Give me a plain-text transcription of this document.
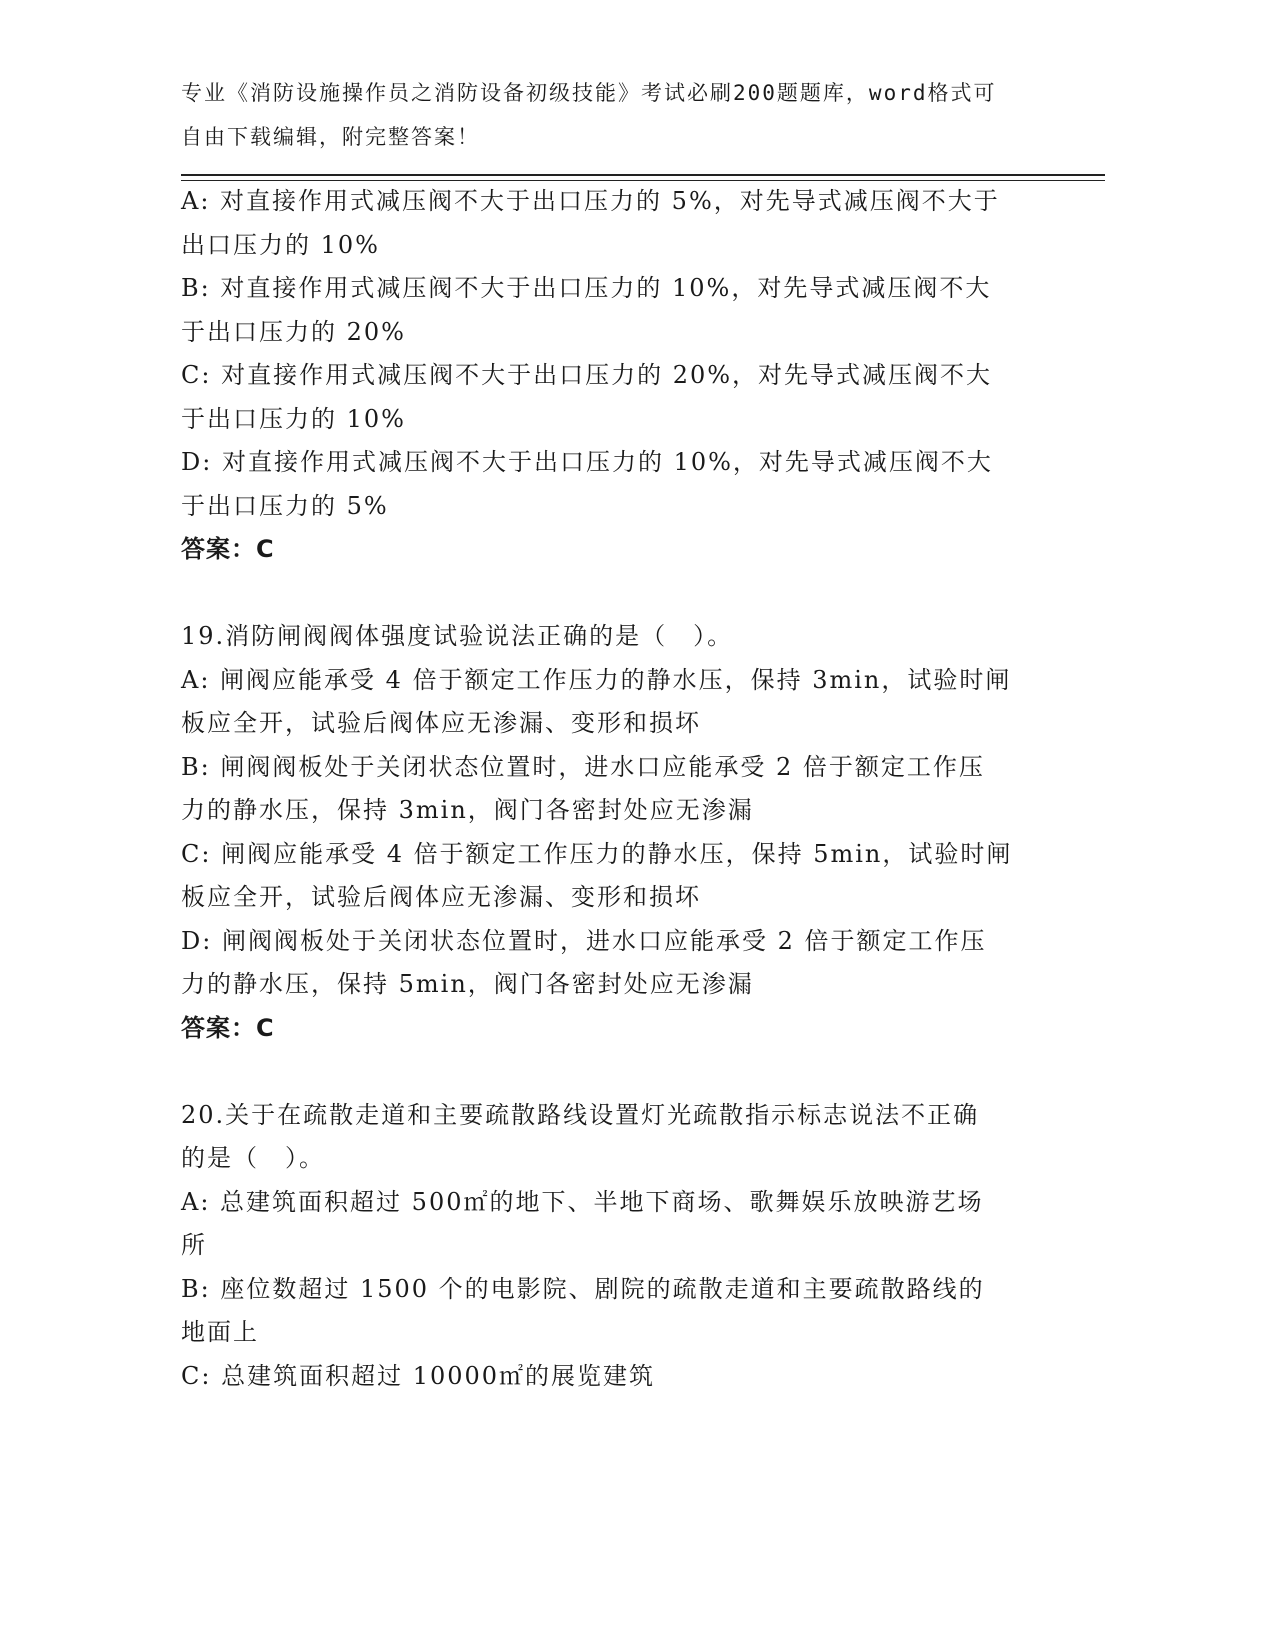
专业《消防设施操作员之消防设备初级技能》考试必刷200题题库，word格式可
自由下载编辑，附完整答案！
A: 对直接作用式减压阀不大于出口压力的 5%，对先导式减压阀不大于
出口压力的 10%
B: 对直接作用式减压阀不大于出口压力的 10%，对先导式减压阀不大
于出口压力的 20%
C: 对直接作用式减压阀不大于出口压力的 20%，对先导式减压阀不大
于出口压力的 10%
D: 对直接作用式减压阀不大于出口压力的 10%，对先导式减压阀不大
于出口压力的 5%
答案：C
19.消防闸阀阀体强度试验说法正确的是（　）。
A: 闸阀应能承受 4 倍于额定工作压力的静水压，保持 3min，试验时闸
板应全开，试验后阀体应无渗漏、变形和损坏
B: 闸阀阀板处于关闭状态位置时，进水口应能承受 2 倍于额定工作压
力的静水压，保持 3min，阀门各密封处应无渗漏
C: 闸阀应能承受 4 倍于额定工作压力的静水压，保持 5min，试验时闸
板应全开，试验后阀体应无渗漏、变形和损坏
D: 闸阀阀板处于关闭状态位置时，进水口应能承受 2 倍于额定工作压
力的静水压，保持 5min，阀门各密封处应无渗漏
答案：C
20.关于在疏散走道和主要疏散路线设置灯光疏散指示标志说法不正确
的是（　）。
A: 总建筑面积超过 500㎡的地下、半地下商场、歌舞娱乐放映游艺场
所
B: 座位数超过 1500 个的电影院、剧院的疏散走道和主要疏散路线的
地面上
C: 总建筑面积超过 10000㎡的展览建筑
